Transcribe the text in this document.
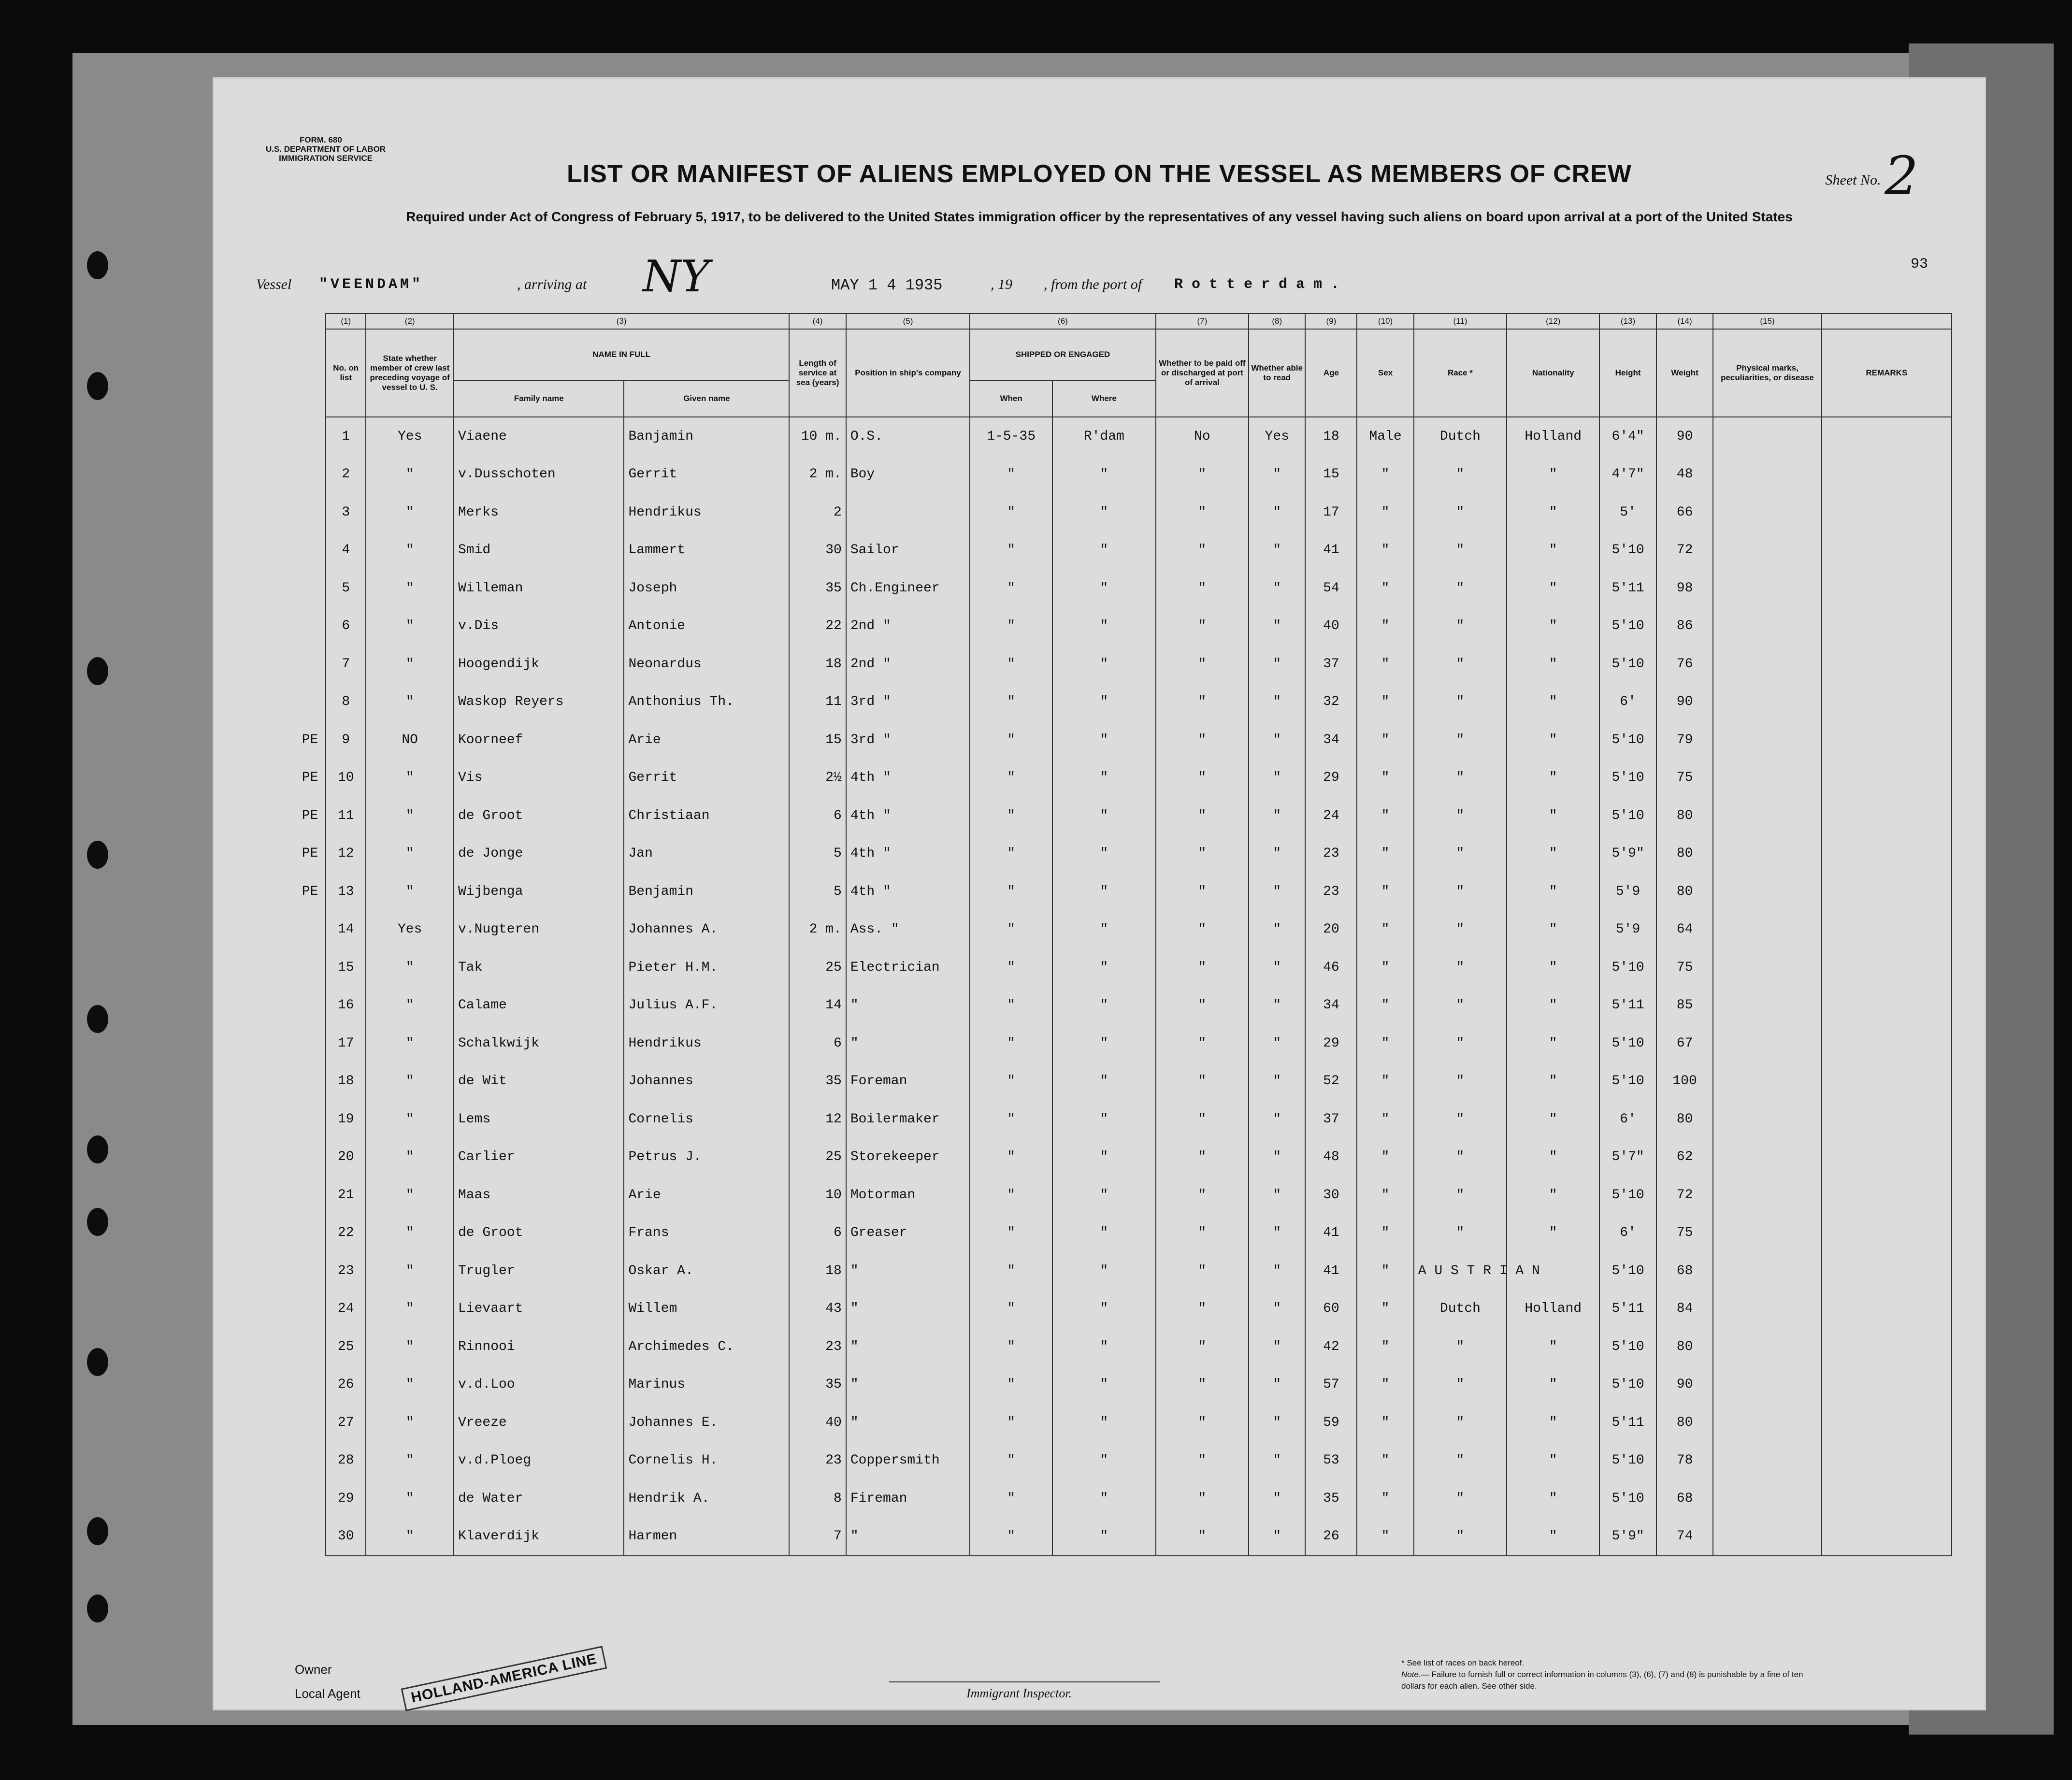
FORM. 680
U.S. DEPARTMENT OF LABOR
IMMIGRATION SERVICE
Sheet No. 2
LIST OR MANIFEST OF ALIENS EMPLOYED ON THE VESSEL AS MEMBERS OF CREW
Required under Act of Congress of February 5, 1917, to be delivered to the United States immigration officer by the representatives of any vessel having such aliens on board upon arrival at a port of the United States
Vessel "VEENDAM"	, arriving at NY	MAY 1 4 1935	, 19 , from the port of R o t t e r d a m .
93
	(1)	(2)	(3)		(4)	(5)	(6)		(7)	(8)	(9)	(10)	(11)	(12)	(13)	(14)	(15)	
	No. on list	State whether member of crew last preceding voyage of vessel to U. S.	NAME IN FULL		Length of service at sea (years)	Position in ship's company	SHIPPED OR ENGAGED		Whether to be paid off or discharged at port of arrival	Whether able to read	Age	Sex	Race *	Nationality	Height	Weight	Physical marks, peculiarities, or disease	REMARKS
			Family name	Given name			When	Where										
	1	Yes	Viaene	Banjamin	10 m.	O.S.	1-5-35	R'dam	No	Yes	18	Male	Dutch	Holland	6'4"	90		
	2	"	v.Dusschoten	Gerrit	2 m.	Boy	"	"	"	"	15	"	"	"	4'7"	48		
	3	"	Merks	Hendrikus	2		"	"	"	"	17	"	"	"	5'	66		
	4	"	Smid	Lammert	30	Sailor	"	"	"	"	41	"	"	"	5'10	72		
	5	"	Willeman	Joseph	35	Ch.Engineer	"	"	"	"	54	"	"	"	5'11	98		
	6	"	v.Dis	Antonie	22	2nd "	"	"	"	"	40	"	"	"	5'10	86		
	7	"	Hoogendijk	Neonardus	18	2nd "	"	"	"	"	37	"	"	"	5'10	76		
	8	"	Waskop Reyers	Anthonius Th.	11	3rd "	"	"	"	"	32	"	"	"	6'	90		
PE	9	NO	Koorneef	Arie	15	3rd "	"	"	"	"	34	"	"	"	5'10	79		
PE	10	"	Vis	Gerrit	2½	4th "	"	"	"	"	29	"	"	"	5'10	75		
PE	11	"	de Groot	Christiaan	6	4th "	"	"	"	"	24	"	"	"	5'10	80		
PE	12	"	de Jonge	Jan	5	4th "	"	"	"	"	23	"	"	"	5'9"	80		
PE	13	"	Wijbenga	Benjamin	5	4th "	"	"	"	"	23	"	"	"	5'9	80		
	14	Yes	v.Nugteren	Johannes A.	2 m.	Ass. "	"	"	"	"	20	"	"	"	5'9	64		
	15	"	Tak	Pieter H.M.	25	Electrician	"	"	"	"	46	"	"	"	5'10	75		
	16	"	Calame	Julius A.F.	14	"	"	"	"	"	34	"	"	"	5'11	85		
	17	"	Schalkwijk	Hendrikus	6	"	"	"	"	"	29	"	"	"	5'10	67		
	18	"	de Wit	Johannes	35	Foreman	"	"	"	"	52	"	"	"	5'10	100		
	19	"	Lems	Cornelis	12	Boilermaker	"	"	"	"	37	"	"	"	6'	80		
	20	"	Carlier	Petrus J.	25	Storekeeper	"	"	"	"	48	"	"	"	5'7"	62		
	21	"	Maas	Arie	10	Motorman	"	"	"	"	30	"	"	"	5'10	72		
	22	"	de Groot	Frans	6	Greaser	"	"	"	"	41	"	"	"	6'	75		
	23	"	Trugler	Oskar A.	18	"	"	"	"	"	41	"	A U S T R I A N		5'10	68		
	24	"	Lievaart	Willem	43	"	"	"	"	"	60	"	Dutch	Holland	5'11	84		
	25	"	Rinnooi	Archimedes C.	23	"	"	"	"	"	42	"	"	"	5'10	80		
	26	"	v.d.Loo	Marinus	35	"	"	"	"	"	57	"	"	"	5'10	90		
	27	"	Vreeze	Johannes E.	40	"	"	"	"	"	59	"	"	"	5'11	80		
	28	"	v.d.Ploeg	Cornelis H.	23	Coppersmith	"	"	"	"	53	"	"	"	5'10	78		
	29	"	de Water	Hendrik A.	8	Fireman	"	"	"	"	35	"	"	"	5'10	68		
	30	"	Klaverdijk	Harmen	7	"	"	"	"	"	26	"	"	"	5'9"	74		
Owner
Local Agent	HOLLAND-AMERICA LINE	Immigrant Inspector.
* See list of races on back hereof.
Note.— Failure to furnish full or correct information in columns (3), (6), (7) and (8) is punishable by a fine of ten dollars for each alien. See other side.
